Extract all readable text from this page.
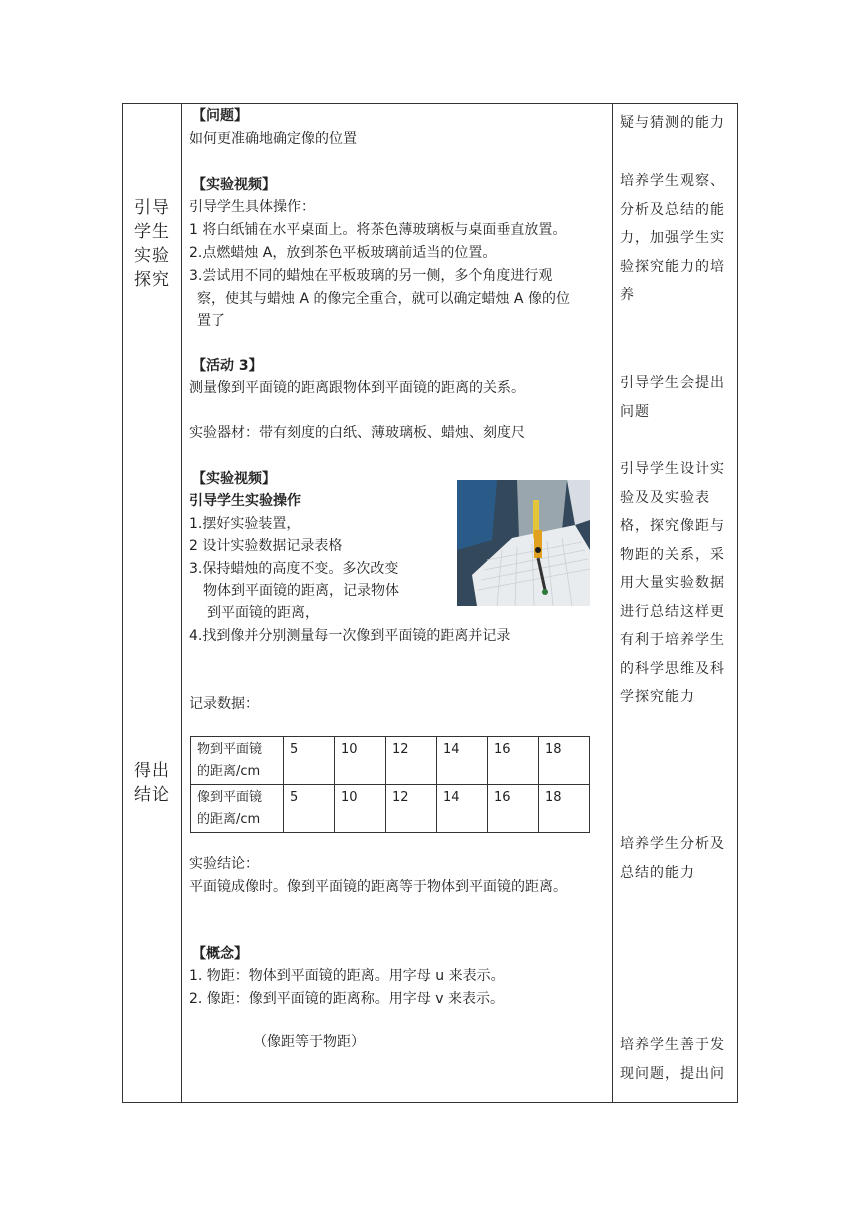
引导
学生
实验
探究
得出
结论
【问题】
如何更准确地确定像的位置
【实验视频】
引导学生具体操作：
1 将白纸铺在水平桌面上。将茶色薄玻璃板与桌面垂直放置。
2.点燃蜡烛 A，放到茶色平板玻璃前适当的位置。
3.尝试用不同的蜡烛在平板玻璃的另一侧，多个角度进行观
察，使其与蜡烛 A 的像完全重合，就可以确定蜡烛 A 像的位
置了
【活动 3】
测量像到平面镜的距离跟物体到平面镜的距离的关系。
实验器材：带有刻度的白纸、薄玻璃板、蜡烛、刻度尺
【实验视频】
引导学生实验操作
1.摆好实验装置，
2 设计实验数据记录表格
3.保持蜡烛的高度不变。多次改变
物体到平面镜的距离，记录物体
到平面镜的距离，
4.找到像并分别测量每一次像到平面镜的距离并记录
记录数据：
物到平面镜
的距离/cm	5	10	12	14	16	18
像到平面镜
的距离/cm	5	10	12	14	16	18
实验结论：
平面镜成像时。像到平面镜的距离等于物体到平面镜的距离。
【概念】
1. 物距：物体到平面镜的距离。用字母 u 来表示。
2. 像距：像到平面镜的距离称。用字母 v 来表示。
（像距等于物距）
疑与猜测的能力
培养学生观察、
分析及总结的能
力，加强学生实
验探究能力的培
养
引导学生会提出
问题
引导学生设计实
验及及实验表
格，探究像距与
物距的关系，采
用大量实验数据
进行总结这样更
有利于培养学生
的科学思维及科
学探究能力
培养学生分析及
总结的能力
培养学生善于发
现问题，提出问
